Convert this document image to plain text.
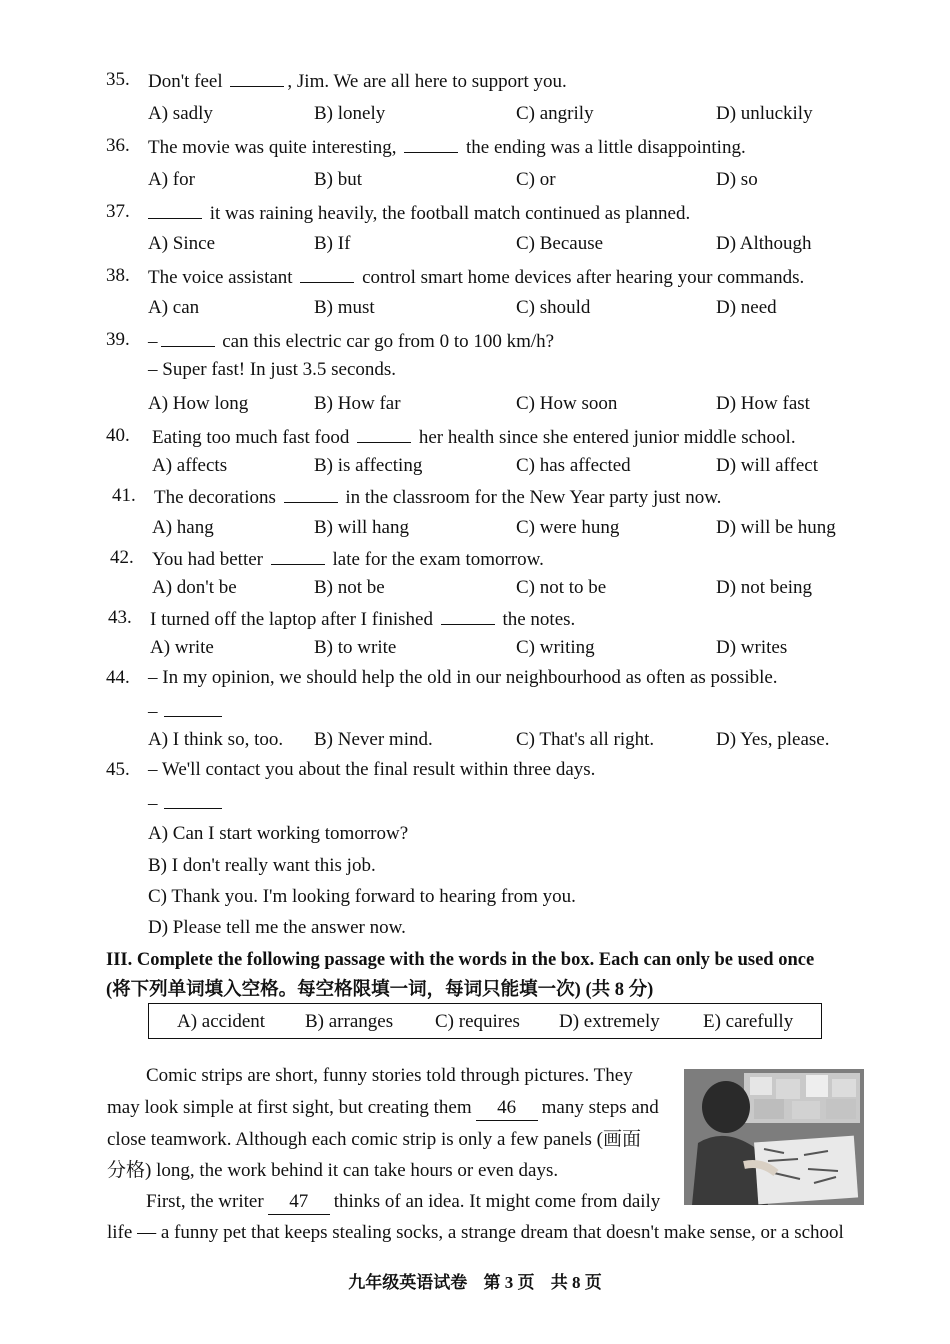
35. Don't feel	, Jim. We are all here to support you.
A) sadly	B) lonely	C) angrily	D) unluckily
36. The movie was quite interesting,	the ending was a little disappointing.
A) for	B) but	C) or	D) so
37.	it was raining heavily, the football match continued as planned.
A) Since	B) If	C) Because	D) Although
38. The voice assistant	control smart home devices after hearing your commands.
A) can	B) must	C) should	D) need
39. –	can this electric car go from 0 to 100 km/h?
– Super fast! In just 3.5 seconds.
A) How long	B) How far	C) How soon	D) How fast
40.	Eating too much fast food	her health since she entered junior middle school.
A) affects	B) is affecting	C) has affected	D) will affect
41. The decorations	in the classroom for the New Year party just now.
A) hang	B) will hang	C) were hung	D) will be hung
42. You had better	late for the exam tomorrow.
A) don't be	B) not be	C) not to be	D) not being
43. I turned off the laptop after I finished	the notes.
A) write	B) to write	C) writing	D) writes
44. – In my opinion, we should help the old in our neighbourhood as often as possible.
–
A) I think so, too. B) Never mind.	C) That's all right.	D) Yes, please.
45. – We'll contact you about the final result within three days.
–
A) Can I start working tomorrow?
B) I don't really want this job.
C) Thank you. I'm looking forward to hearing from you.
D) Please tell me the answer now.
III. Complete the following passage with the words in the box. Each can only be used once
(将下列单词填入空格。每空格限填一词，每词只能填一次) (共 8 分)
A) accident B) arranges C) requires D) extremely E) carefully
Comic strips are short, funny stories told through pictures. They
may look simple at first sight, but creating them 46 many steps and
close teamwork. Although each comic strip is only a few panels (画面
分格) long, the work behind it can take hours or even days.
First, the writer 47 thinks of an idea. It might come from daily
life — a funny pet that keeps stealing socks, a strange dream that doesn't make sense, or a school
九年级英语试卷 第 3 页 共 8 页
